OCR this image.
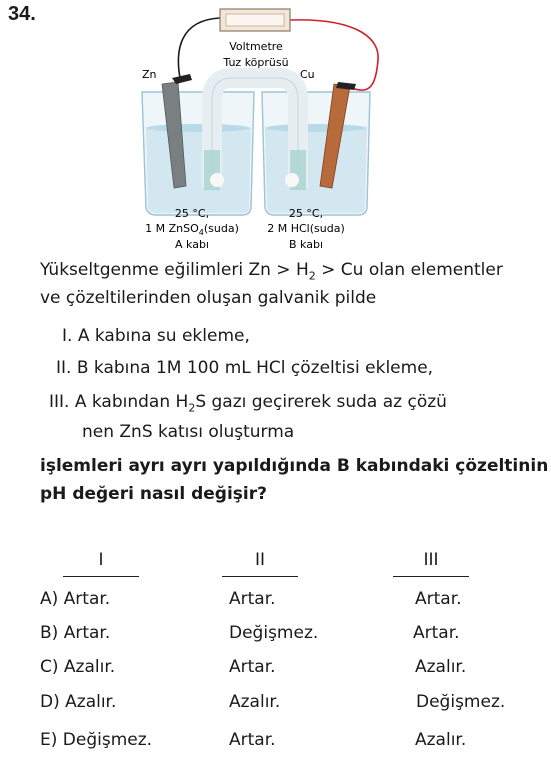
34.
Voltmetre
Tuz köprüsü
Zn	Cu
25 °C,
1 M ZnSO$_4$(suda)
A kabı
25 °C,
2 M HCl(suda)
B kabı
Yükseltgenme eğilimleri $Zn > H_2 > Cu$ olan elementler
ve çözeltilerinden oluşan galvanik pilde
I. A kabına su ekleme,
II. B kabına 1M 100 mL HCl çözeltisi ekleme,
III. A kabından $H_2S$ gazı geçirerek suda az çözü
nen ZnS katısı oluşturma
işlemleri ayrı ayrı yapıldığında B kabındaki çözeltinin
pH değeri nasıl değişir?
I	II	III
A) Artar.	Artar.	Artar.
B) Artar.	Değişmez.	Artar.
C) Azalır.	Artar.	Azalır.
D) Azalır.	Azalır.	Değişmez.
E) Değişmez.	Artar.	Azalır.
